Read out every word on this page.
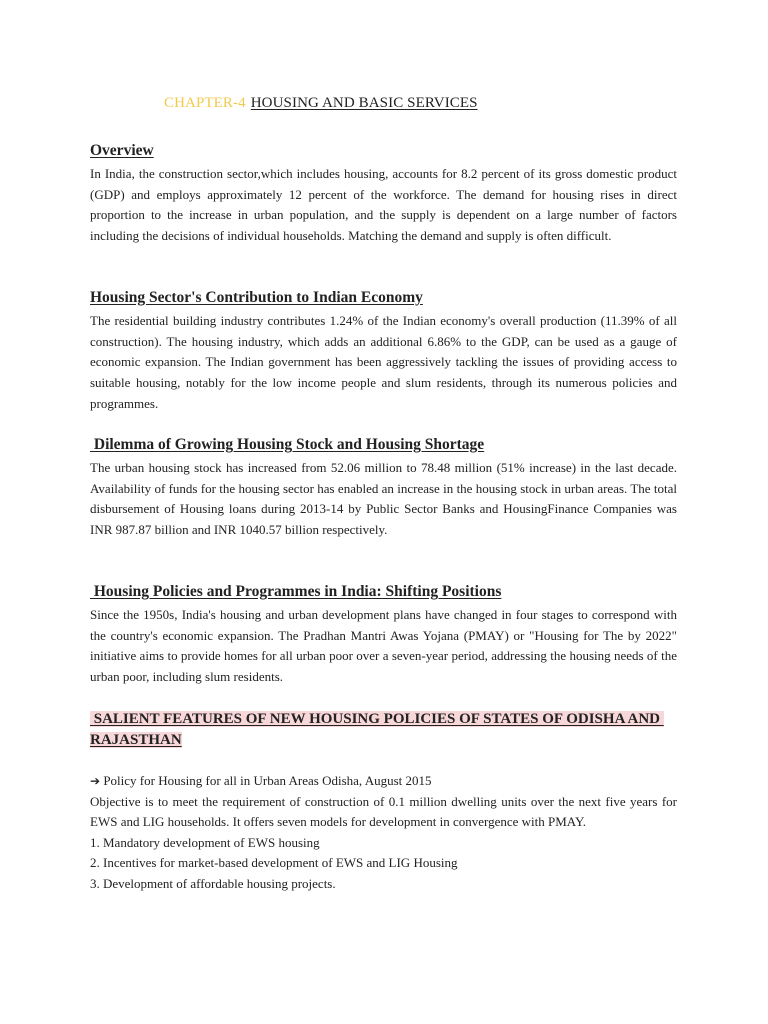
CHAPTER-4 HOUSING AND BASIC SERVICES
Overview

In India, the construction sector,which includes housing, accounts for 8.2 percent of its gross domestic product (GDP) and employs approximately 12 percent of the workforce. The demand for housing rises in direct proportion to the increase in urban population, and the supply is dependent on a large number of factors including the decisions of individual households. Matching the demand and supply is often difficult.

Housing Sector's Contribution to Indian Economy

The residential building industry contributes 1.24% of the Indian economy's overall production (11.39% of all construction). The housing industry, which adds an additional 6.86% to the GDP, can be used as a gauge of economic expansion. The Indian government has been aggressively tackling the issues of providing access to suitable housing, notably for the low income people and slum residents, through its numerous policies and programmes.

Dilemma of Growing Housing Stock and Housing Shortage

The urban housing stock has increased from 52.06 million to 78.48 million (51% increase) in the last decade. Availability of funds for the housing sector has enabled an increase in the housing stock in urban areas. The total disbursement of Housing loans during 2013-14 by Public Sector Banks and HousingFinance Companies was INR 987.87 billion and INR 1040.57 billion respectively.

Housing Policies and Programmes in India: Shifting Positions

Since the 1950s, India's housing and urban development plans have changed in four stages to correspond with the country's economic expansion. The Pradhan Mantri Awas Yojana (PMAY) or "Housing for The by 2022" initiative aims to provide homes for all urban poor over a seven-year period, addressing the housing needs of the urban poor, including slum residents.

SALIENT FEATURES OF NEW HOUSING POLICIES OF STATES OF ODISHA AND RAJASTHAN

➔ Policy for Housing for all in Urban Areas Odisha, August 2015

Objective is to meet the requirement of construction of 0.1 million dwelling units over the next five years for EWS and LIG households. It offers seven models for development in convergence with PMAY.

1. Mandatory development of EWS housing

2. Incentives for market-based development of EWS and LIG Housing

3. Development of affordable housing projects.
